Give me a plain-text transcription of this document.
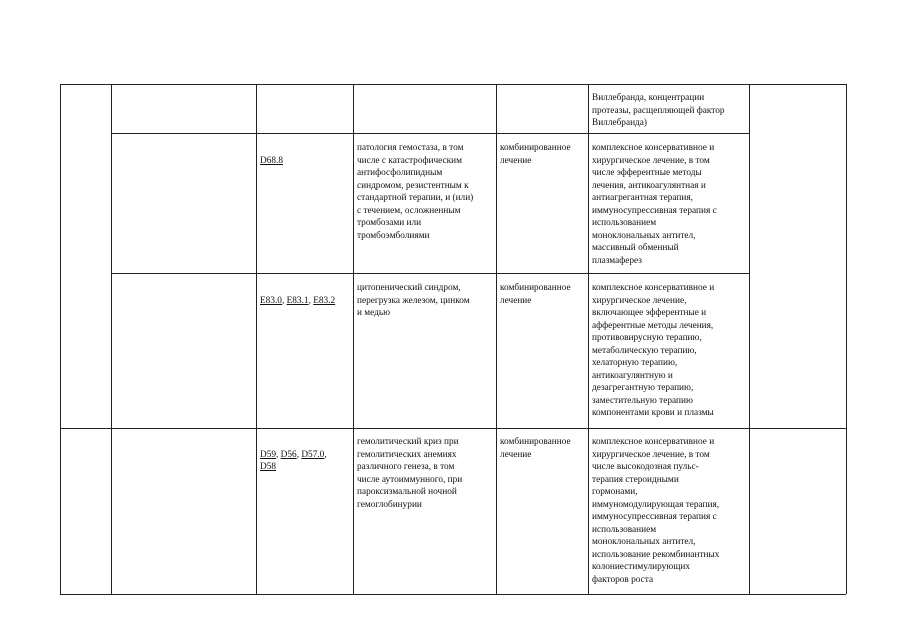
Виллебранда, концентрации
протеазы, расщепляющей фактор
Виллебранда)

D68.8

патология гемостаза, в том
числе с катастрофическим
антифосфолипидным
синдромом, резистентным к
стандартной терапии, и (или)
с течением, осложненным
тромбозами или
тромбоэмболиями
комбинированное
лечение
комплексное консервативное и
хирургическое лечение, в том
числе эфферентные методы
лечения, антикоагулянтная и
антиагрегантная терапия,
иммуносупрессивная терапия с
использованием
моноклональных антител,
массивный обменный
плазмаферез

E83.0, E83.1, E83.2

цитопенический синдром,
перегрузка железом, цинком
и медью
комбинированное
лечение
комплексное консервативное и
хирургическое лечение,
включающее эфферентные и
афферентные методы лечения,
противовирусную терапию,
метаболическую терапию,
хелаторную терапию,
антикоагулянтную и
дезагрегантную терапию,
заместительную терапию
компонентами крови и плазмы

D59, D56, D57.0,
D58

гемолитический криз при
гемолитических анемиях
различного генеза, в том
числе аутоиммунного, при
пароксизмальной ночной
гемоглобинурии
комбинированное
лечение
комплексное консервативное и
хирургическое лечение, в том
числе высокодозная пульс-
терапия стероидными
гормонами,
иммуномодулирующая терапия,
иммуносупрессивная терапия с
использованием
моноклональных антител,
использование рекомбинантных
колониестимулирующих
факторов роста
